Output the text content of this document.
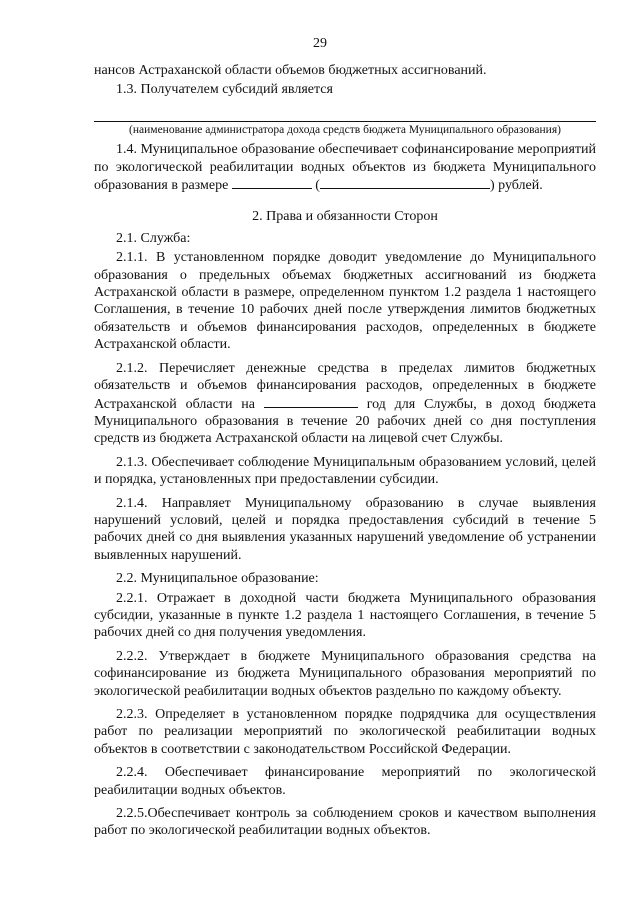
29

нансов Астраханской области объемов бюджетных ассигнований.

1.3. Получателем субсидий является

(наименование администратора дохода средств бюджета Муниципального образования)

1.4. Муниципальное образование обеспечивает софинансирование мероприятий по экологической реабилитации водных объектов из бюджета Муниципального образования в размере	(	) рублей.

2. Права и обязанности Сторон

2.1. Служба:

2.1.1. В установленном порядке доводит уведомление до Муниципального образования о предельных объемах бюджетных ассигнований из бюджета Астраханской области в размере, определенном пунктом 1.2 раздела 1 настоящего Соглашения, в течение 10 рабочих дней после утверждения лимитов бюджетных обязательств и объемов финансирования расходов, определенных в бюджете Астраханской области.

2.1.2. Перечисляет денежные средства в пределах лимитов бюджетных обязательств и объемов финансирования расходов, определенных в бюджете Астраханской области на	год для Службы, в доход бюджета Муниципального образования в течение 20 рабочих дней со дня поступления средств из бюджета Астраханской области на лицевой счет Службы.

2.1.3. Обеспечивает соблюдение Муниципальным образованием условий, целей и порядка, установленных при предоставлении субсидии.

2.1.4. Направляет Муниципальному образованию в случае выявления нарушений условий, целей и порядка предоставления субсидий в течение 5 рабочих дней со дня выявления указанных нарушений уведомление об устранении выявленных нарушений.

2.2. Муниципальное образование:

2.2.1. Отражает в доходной части бюджета Муниципального образования субсидии, указанные в пункте 1.2 раздела 1 настоящего Соглашения, в течение 5 рабочих дней со дня получения уведомления.

2.2.2. Утверждает в бюджете Муниципального образования средства на софинансирование из бюджета Муниципального образования мероприятий по экологической реабилитации водных объектов раздельно по каждому объекту.

2.2.3. Определяет в установленном порядке подрядчика для осуществления работ по реализации мероприятий по экологической реабилитации водных объектов в соответствии с законодательством Российской Федерации.

2.2.4. Обеспечивает финансирование мероприятий по экологической реабилитации водных объектов.

2.2.5.Обеспечивает контроль за соблюдением сроков и качеством выполнения работ по экологической реабилитации водных объектов.
